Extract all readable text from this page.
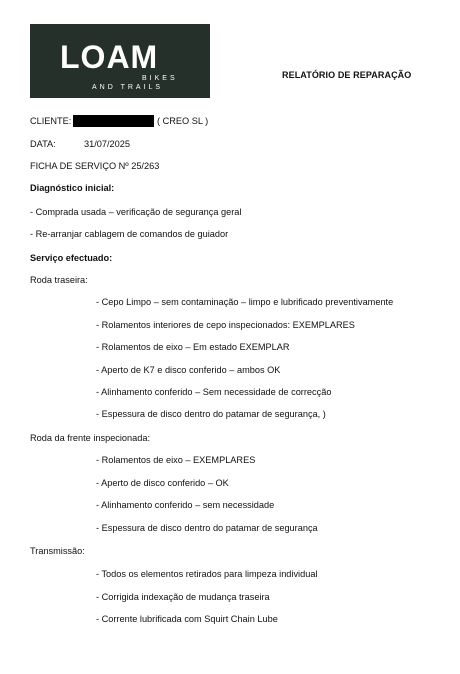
LOAM
BIKES
AND TRAILS
RELATÓRIO DE REPARAÇÃO
CLIENTE:	( CREO SL )
DATA:	31/07/2025
FICHA DE SERVIÇO Nº 25/263
Diagnóstico inicial:
- Comprada usada – verificação de segurança geral
- Re-arranjar cablagem de comandos de guiador
Serviço efectuado:
Roda traseira:
- Cepo Limpo – sem contaminação – limpo e lubrificado preventivamente
- Rolamentos interiores de cepo inspecionados: EXEMPLARES
- Rolamentos de eixo – Em estado EXEMPLAR
- Aperto de K7 e disco conferido – ambos OK
- Alinhamento conferido – Sem necessidade de correcção
- Espessura de disco dentro do patamar de segurança, )
Roda da frente inspecionada:
- Rolamentos de eixo – EXEMPLARES
- Aperto de disco conferido – OK
- Alinhamento conferido – sem necessidade
- Espessura de disco dentro do patamar de segurança
Transmissão:
- Todos os elementos retirados para limpeza individual
- Corrigida indexação de mudança traseira
- Corrente lubrificada com Squirt Chain Lube
